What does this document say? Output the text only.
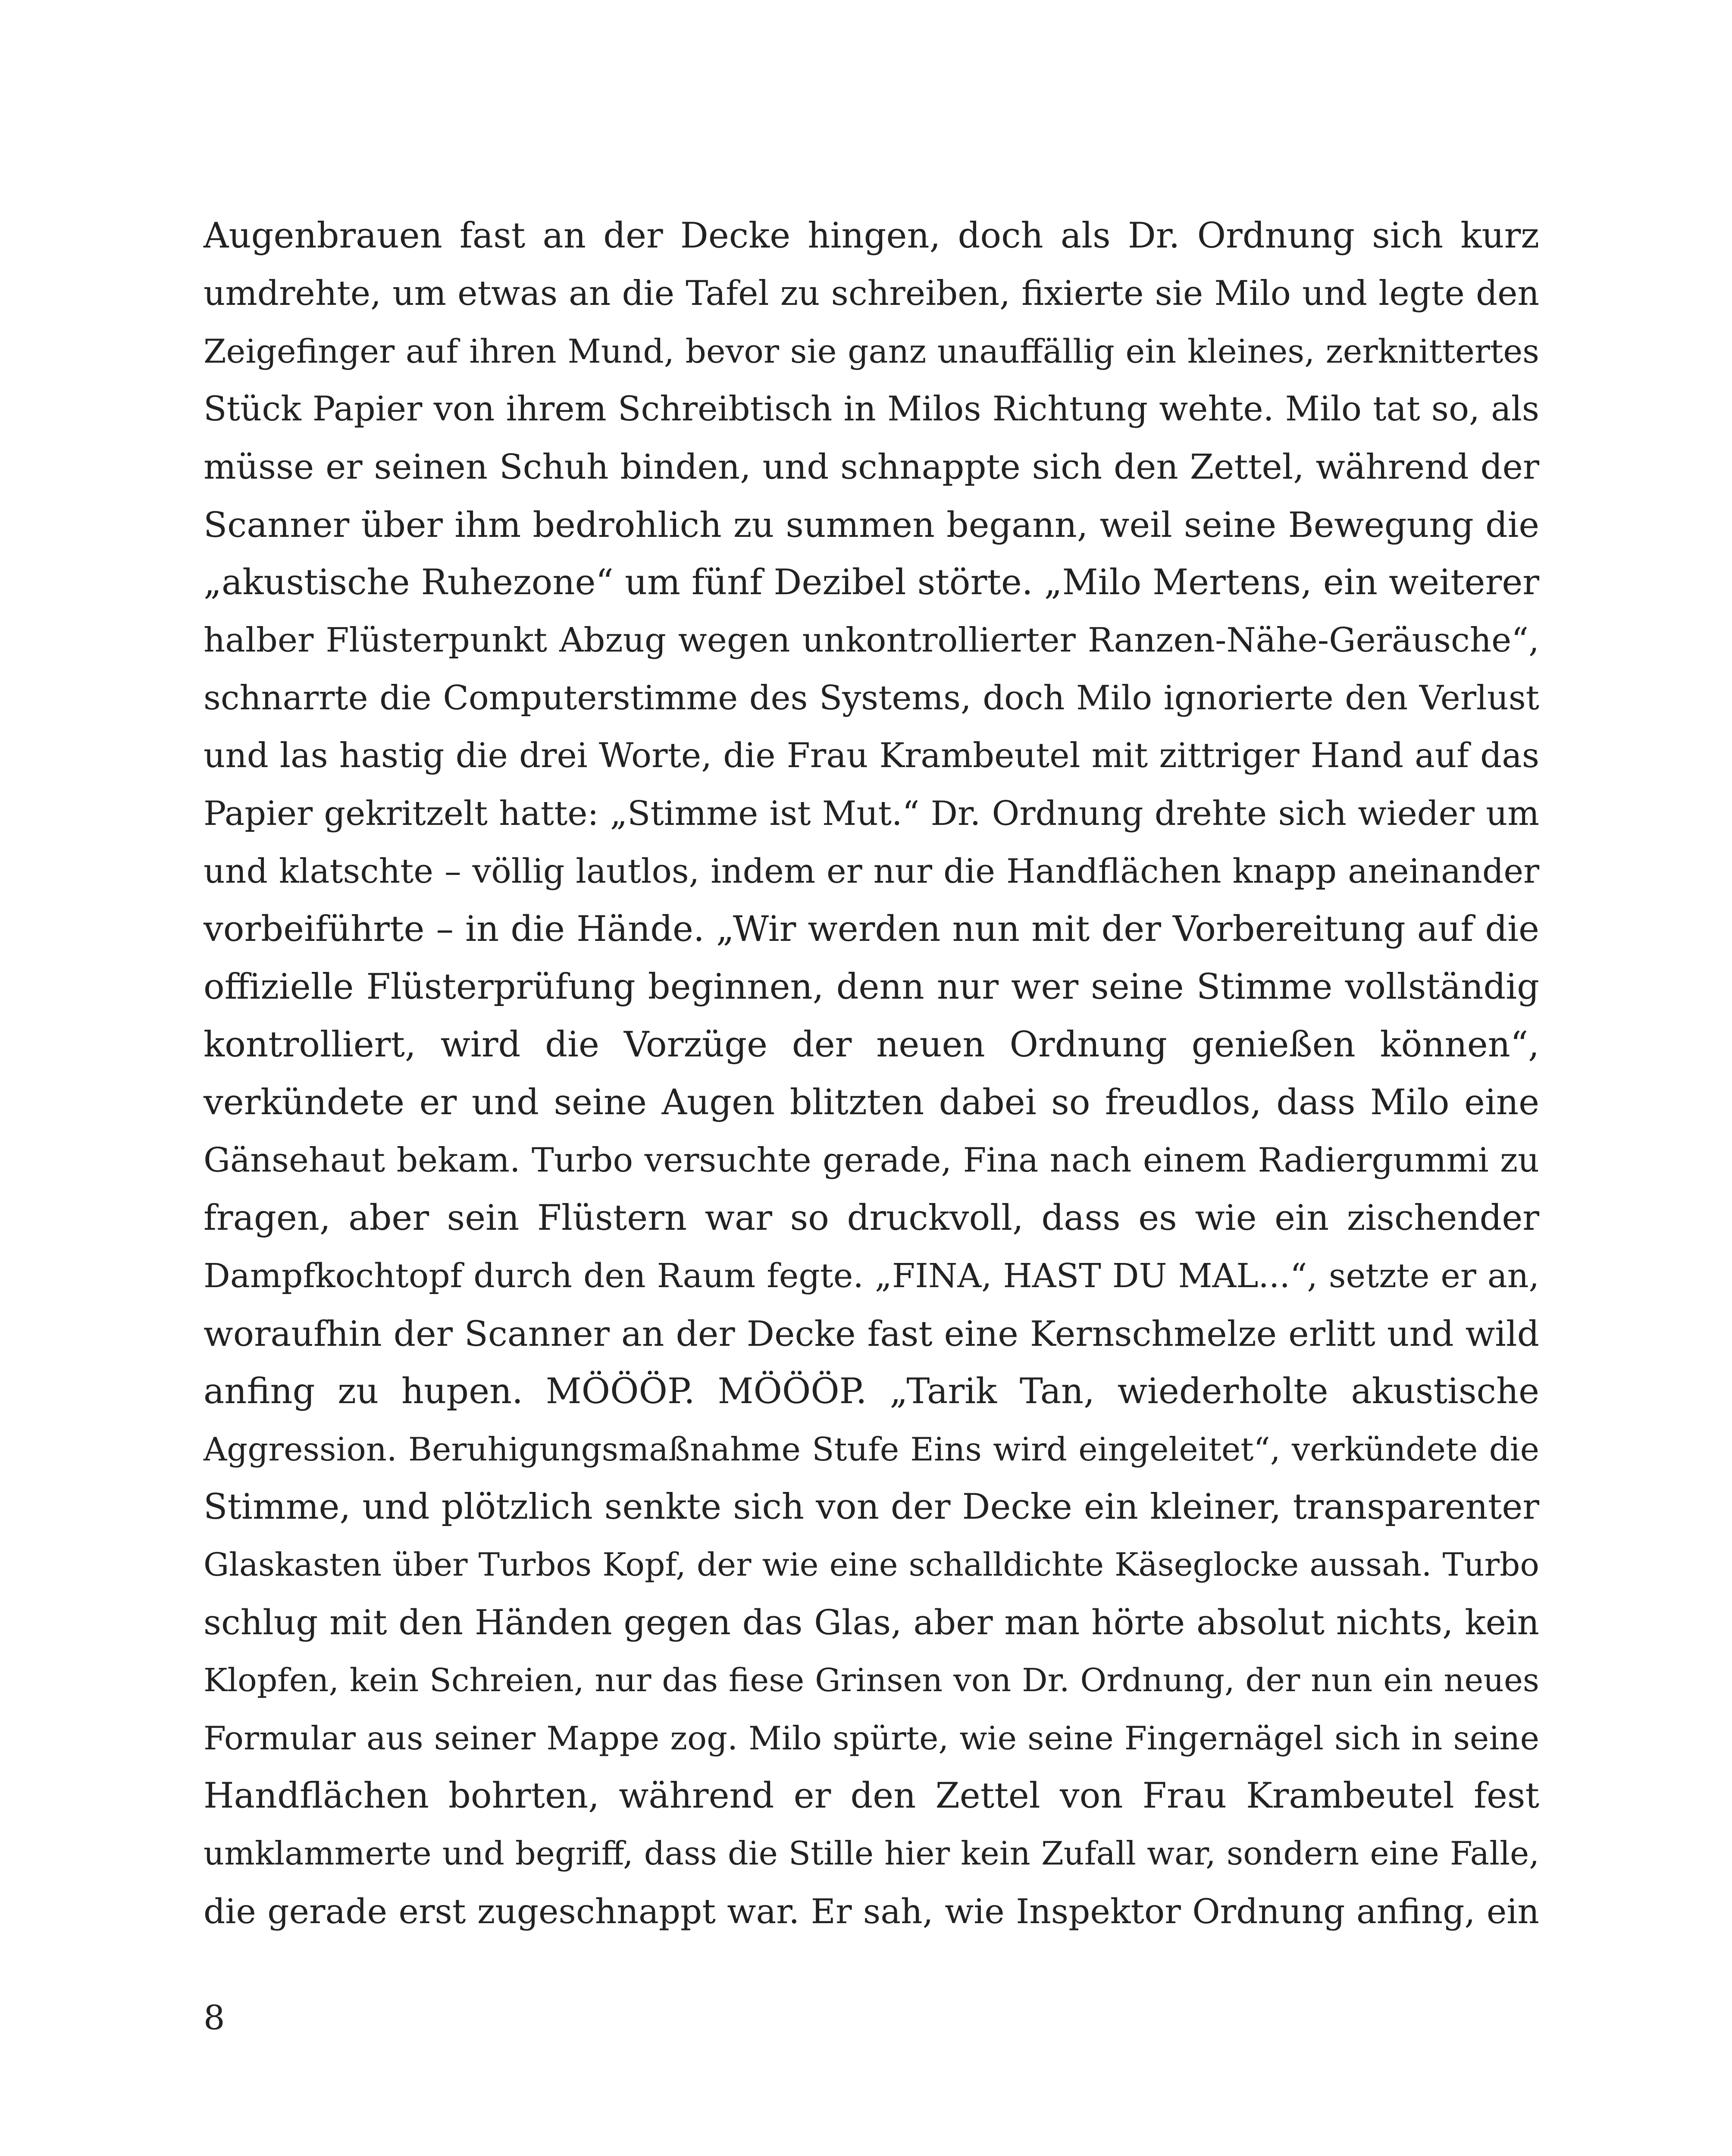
Augenbrauen fast an der Decke hingen, doch als Dr. Ordnung sich kurz
umdrehte, um etwas an die Tafel zu schreiben, fixierte sie Milo und legte den
Zeigefinger auf ihren Mund, bevor sie ganz unauffällig ein kleines, zerknittertes
Stück Papier von ihrem Schreibtisch in Milos Richtung wehte. Milo tat so, als
müsse er seinen Schuh binden, und schnappte sich den Zettel, während der
Scanner über ihm bedrohlich zu summen begann, weil seine Bewegung die
„akustische Ruhezone“ um fünf Dezibel störte. „Milo Mertens, ein weiterer
halber Flüsterpunkt Abzug wegen unkontrollierter Ranzen-Nähe-Geräusche“,
schnarrte die Computerstimme des Systems, doch Milo ignorierte den Verlust
und las hastig die drei Worte, die Frau Krambeutel mit zittriger Hand auf das
Papier gekritzelt hatte: „Stimme ist Mut.“ Dr. Ordnung drehte sich wieder um
und klatschte – völlig lautlos, indem er nur die Handflächen knapp aneinander
vorbeiführte – in die Hände. „Wir werden nun mit der Vorbereitung auf die
offizielle Flüsterprüfung beginnen, denn nur wer seine Stimme vollständig
kontrolliert, wird die Vorzüge der neuen Ordnung genießen können“,
verkündete er und seine Augen blitzten dabei so freudlos, dass Milo eine
Gänsehaut bekam. Turbo versuchte gerade, Fina nach einem Radiergummi zu
fragen, aber sein Flüstern war so druckvoll, dass es wie ein zischender
Dampfkochtopf durch den Raum fegte. „FINA, HAST DU MAL...“, setzte er an,
woraufhin der Scanner an der Decke fast eine Kernschmelze erlitt und wild
anfing zu hupen. MÖÖÖP. MÖÖÖP. „Tarik Tan, wiederholte akustische
Aggression. Beruhigungsmaßnahme Stufe Eins wird eingeleitet“, verkündete die
Stimme, und plötzlich senkte sich von der Decke ein kleiner, transparenter
Glaskasten über Turbos Kopf, der wie eine schalldichte Käseglocke aussah. Turbo
schlug mit den Händen gegen das Glas, aber man hörte absolut nichts, kein
Klopfen, kein Schreien, nur das fiese Grinsen von Dr. Ordnung, der nun ein neues
Formular aus seiner Mappe zog. Milo spürte, wie seine Fingernägel sich in seine
Handflächen bohrten, während er den Zettel von Frau Krambeutel fest
umklammerte und begriff, dass die Stille hier kein Zufall war, sondern eine Falle,
die gerade erst zugeschnappt war. Er sah, wie Inspektor Ordnung anfing, ein
8
